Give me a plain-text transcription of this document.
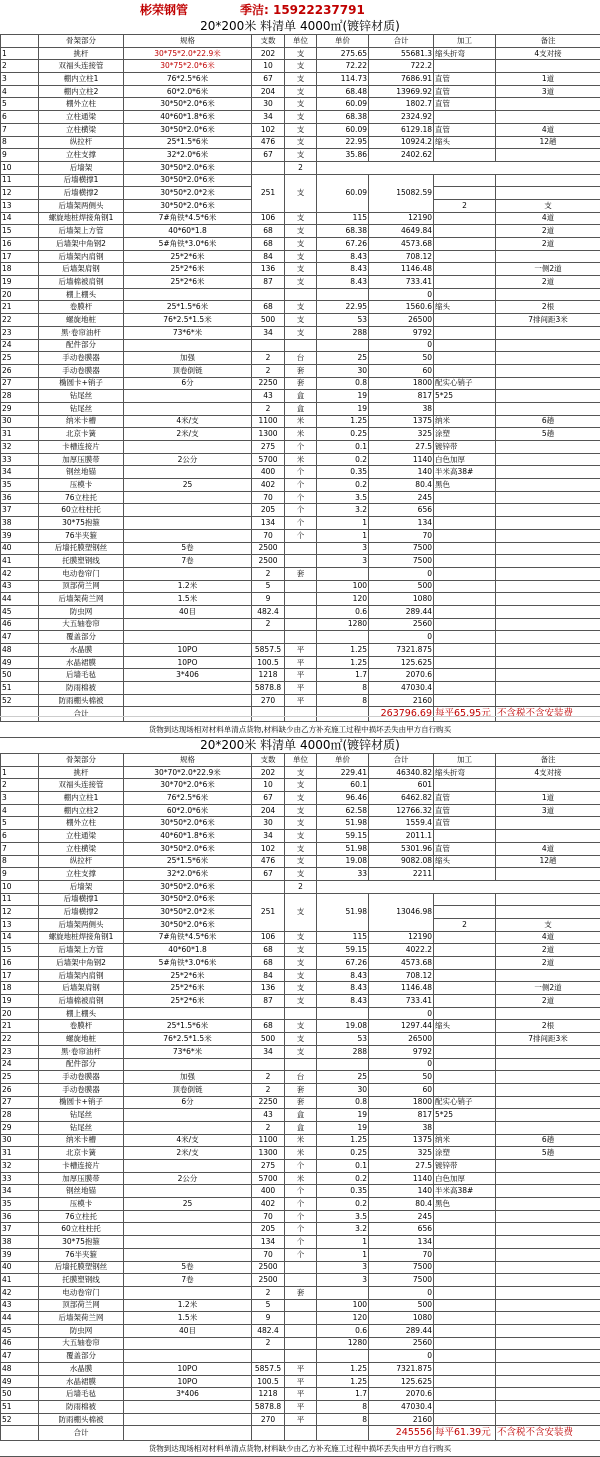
彬荣钢管	季洁: 15922237791
20*200米 料清单 4000㎡(镀锌材质)
	骨架部分	规格	支数	单位	单价	合计	加工	备注	
1	挑杆	30*75*2.0*22.9米	202	支	275.65	55681.3	缩头折弯	4支对接	
2	双福头连接管	30*75*2.0*6米	10	支	72.22	722.2			
3	棚内立柱1	76*2.5*6米	67	支	114.73	7686.91	直管	1道	
4	棚内立柱2	60*2.0*6米	204	支	68.48	13969.92	直管	3道	
5	棚外立柱	30*50*2.0*6米	30	支	60.09	1802.7	直管		
6	立柱通梁	40*60*1.8*6米	34	支	68.38	2324.92			
7	立柱横梁	30*50*2.0*6米	102	支	60.09	6129.18	直管	4道	
8	纵拉杆	25*1.5*6米	476	支	22.95	10924.2	缩头	12趟	
9	立柱支撑	32*2.0*6米	67	支	35.86	2402.62			
10	后墙架	30*50*2.0*6米		2					
11	后墙横撑1	30*50*2.0*6米	251	支	60.09	15082.59			
12	后墙横撑2	30*50*2.0*2米							
13	后墙架两侧头	30*50*2.0*6米					2	支				
14	螺旋地桩焊接角钢1	7#角铁*4.5*6米	106	支	115	12190		4道	
15	后墙架上方管	40*60*1.8	68	支	68.38	4649.84		2道	
16	后墙架中角钢2	5#角铁*3.0*6米	68	支	67.26	4573.68		2道	
17	后墙架内肩钢	25*2*6米	84	支	8.43	708.12			
18	后墙架肩钢	25*2*6米	136	支	8.43	1146.48		一侧2道	
19	后墙棉被肩钢	25*2*6米	87	支	8.43	733.41		2道	
20	棚上棚头					0			
21	卷膜杆	25*1.5*6米	68	支	22.95	1560.6	缩头	2根	
22	螺旋地桩	76*2.5*1.5米	500	支	53	26500		7排间距3米	
23	黑·卷帘油杆	73*6*米	34	支	288	9792			
24	配件部分					0			
25	手动卷膜器	加强	2	台	25	50			
26	手动卷膜器	顶卷倒链	2	套	30	60			
27	椭圆卡+销子	6分	2250	套	0.8	1800	配实心销子		
28	钻尾丝		43	盒	19	817	5*25		
29	钻尾丝		2	盒	19	38			
30	纳米卡槽	4米/支	1100	米	1.25	1375	纳米	6趟	
31	北京卡簧	2米/支	1300	米	0.25	325	涂塑	5趟	
32	卡槽连接片		275	个	0.1	27.5	镀锌带		
33	加厚压膜带	2公分	5700	米	0.2	1140	白色加厚		
34	钢丝地锚		400	个	0.35	140	半米高38#		
35	压模卡	25	402	个	0.2	80.4	黑色		
36	76立柱托		70	个	3.5	245			
37	60立柱柱托		205	个	3.2	656			
38	30*75抱箍		134	个	1	134			
39	76半夹箍		70	个	1	70			
40	后墙托膜塑钢丝	5卷	2500		3	7500			
41	托膜塑钢线	7卷	2500		3	7500			
42	电动卷帘门		2	套		0			
43	顶部荷兰网	1.2米	5		100	500			
44	后墙架荷兰网	1.5米	9		120	1080			
45	防虫网	40目	482.4		0.6	289.44			
46	大五轴卷帘		2		1280	2560			
47	覆盖部分					0			
48	水晶膜	10PO	5857.5	平	1.25	7321.875			
49	水晶裙膜	10PO	100.5	平	1.25	125.625			
50	后墙毛毡	3*406	1218	平	1.7	2070.6			
51	防雨棉被		5878.8	平	8	47030.4			
52	防雨棚头棉被		270	平	8	2160			
	合计					263796.69	每平65.95元	不含税不含安装费	
货物到达现场相对材料单清点货物,材料缺少由乙方补充施工过程中损坏丢失由甲方自行购买
20*200米 料清单 4000㎡(镀锌材质)
	骨架部分	规格	支数	单位	单价	合计	加工	备注	
1	挑杆	30*70*2.0*22.9米	202	支	229.41	46340.82	缩头折弯	4支对接	
2	双福头连接管	30*70*2.0*6米	10	支	60.1	601			
3	棚内立柱1	76*2.5*6米	67	支	96.46	6462.82	直管	1道	
4	棚内立柱2	60*2.0*6米	204	支	62.58	12766.32	直管	3道	
5	棚外立柱	30*50*2.0*6米	30	支	51.98	1559.4	直管		
6	立柱通梁	40*60*1.8*6米	34	支	59.15	2011.1			
7	立柱横梁	30*50*2.0*6米	102	支	51.98	5301.96	直管	4道	
8	纵拉杆	25*1.5*6米	476	支	19.08	9082.08	缩头	12趟	
9	立柱支撑	32*2.0*6米	67	支	33	2211			
10	后墙架	30*50*2.0*6米		2					
11	后墙横撑1	30*50*2.0*6米	251	支	51.98	13046.98			
12	后墙横撑2	30*50*2.0*2米							
13	后墙架两侧头	30*50*2.0*6米					2	支				
14	螺旋地桩焊接角钢1	7#角铁*4.5*6米	106	支	115	12190		4道	
15	后墙架上方管	40*60*1.8	68	支	59.15	4022.2		2道	
16	后墙架中角钢2	5#角铁*3.0*6米	68	支	67.26	4573.68		2道	
17	后墙架内肩钢	25*2*6米	84	支	8.43	708.12			
18	后墙架肩钢	25*2*6米	136	支	8.43	1146.48		一侧2道	
19	后墙棉被肩钢	25*2*6米	87	支	8.43	733.41		2道	
20	棚上棚头					0			
21	卷膜杆	25*1.5*6米	68	支	19.08	1297.44	缩头	2根	
22	螺旋地桩	76*2.5*1.5米	500	支	53	26500		7排间距3米	
23	黑·卷帘油杆	73*6*米	34	支	288	9792			
24	配件部分					0			
25	手动卷膜器	加强	2	台	25	50			
26	手动卷膜器	顶卷倒链	2	套	30	60			
27	椭圆卡+销子	6分	2250	套	0.8	1800	配实心销子		
28	钻尾丝		43	盒	19	817	5*25		
29	钻尾丝		2	盒	19	38			
30	纳米卡槽	4米/支	1100	米	1.25	1375	纳米	6趟	
31	北京卡簧	2米/支	1300	米	0.25	325	涂塑	5趟	
32	卡槽连接片		275	个	0.1	27.5	镀锌带		
33	加厚压膜带	2公分	5700	米	0.2	1140	白色加厚		
34	钢丝地锚		400	个	0.35	140	半米高38#		
35	压模卡	25	402	个	0.2	80.4	黑色		
36	76立柱托		70	个	3.5	245			
37	60立柱柱托		205	个	3.2	656			
38	30*75抱箍		134	个	1	134			
39	76半夹箍		70	个	1	70			
40	后墙托膜塑钢丝	5卷	2500		3	7500			
41	托膜塑钢线	7卷	2500		3	7500			
42	电动卷帘门		2	套		0			
43	顶部荷兰网	1.2米	5		100	500			
44	后墙架荷兰网	1.5米	9		120	1080			
45	防虫网	40目	482.4		0.6	289.44			
46	大五轴卷帘		2		1280	2560			
47	覆盖部分					0			
48	水晶膜	10PO	5857.5	平	1.25	7321.875			
49	水晶裙膜	10PO	100.5	平	1.25	125.625			
50	后墙毛毡	3*406	1218	平	1.7	2070.6			
51	防雨棉被		5878.8	平	8	47030.4			
52	防雨棚头棉被		270	平	8	2160			
	合计					245556	每平61.39元	不含税不含安装费	
货物到达现场相对材料单清点货物,材料缺少由乙方补充施工过程中损坏丢失由甲方自行购买
